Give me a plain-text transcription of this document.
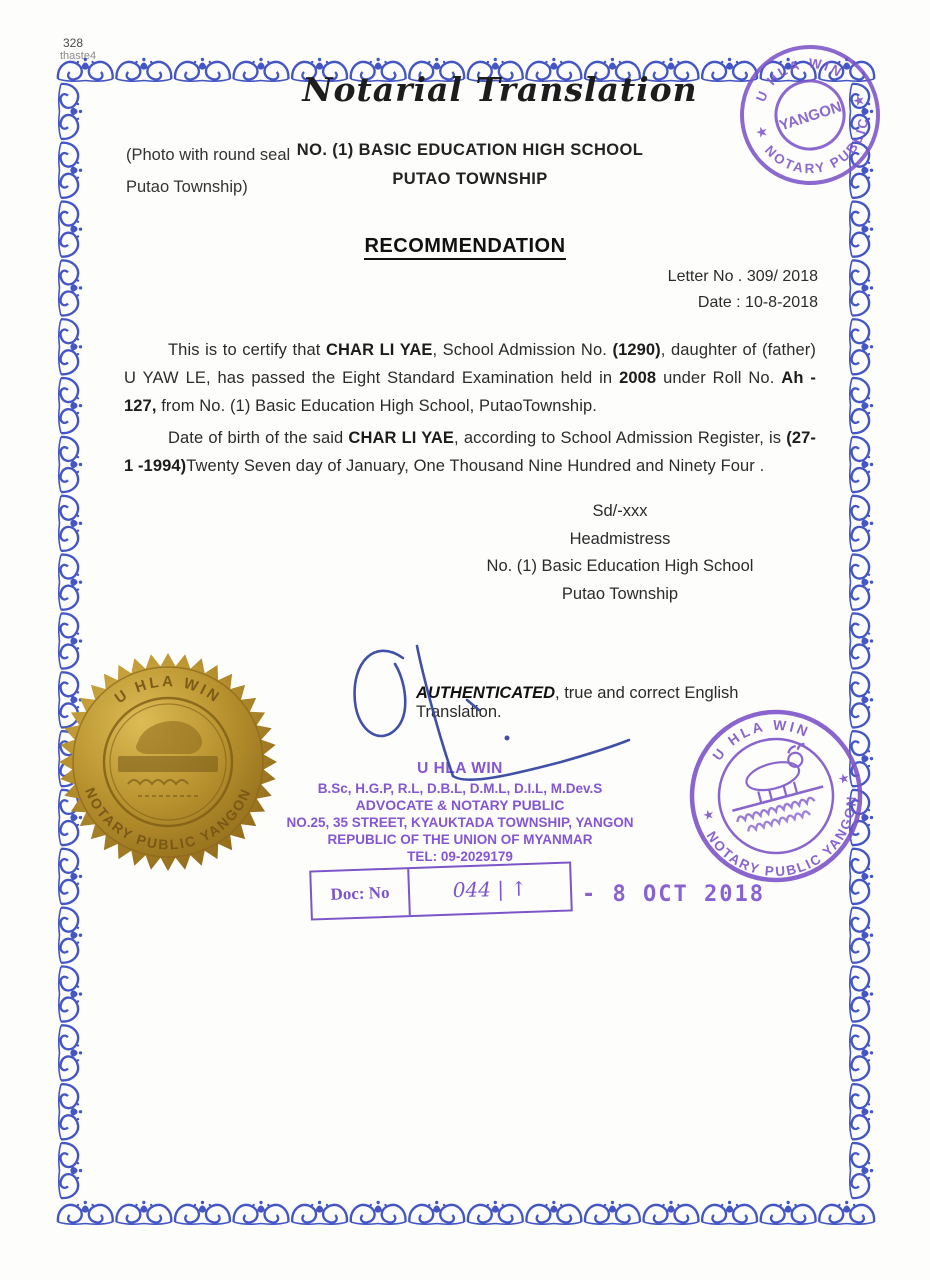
328
thaste4
Notarial Translation	U HLA WIN
NOTARY PUBLIC
YANGON
★
★
(Photo with round seal
Putao Township)
NO. (1) BASIC EDUCATION HIGH SCHOOL
PUTAO TOWNSHIP
RECOMMENDATION
Letter No . 309/ 2018
Date : 10-8-2018

This is to certify that CHAR LI YAE, School Admission No. (1290), daughter of (father) U YAW LE, has passed the Eight Standard Examination held in 2008 under Roll No. Ah - 127, from No. (1) Basic Education High School, PutaoTownship.

Date of birth of the said CHAR LI YAE, according to School Admission Register, is (27- 1 -1994)Twenty Seven day of January, One Thousand Nine Hundred and Ninety Four .

Sd/-xxx
Headmistress
No. (1) Basic Education High School
Putao Township
AUTHENTICATED, true and correct English Translation.
U HLA WIN
NOTARY PUBLIC YANGON
U HLA WIN
NOTARY PUBLIC YANGON
★
★
U HLA WIN
B.Sc, H.G.P, R.L, D.B.L, D.M.L, D.I.L, M.Dev.S
ADVOCATE & NOTARY PUBLIC
NO.25, 35 STREET, KYAUKTADA TOWNSHIP, YANGON
REPUBLIC OF THE UNION OF MYANMAR
TEL: 09-2029179
Doc: No	044 | ↑	- 8 OCT 2018
